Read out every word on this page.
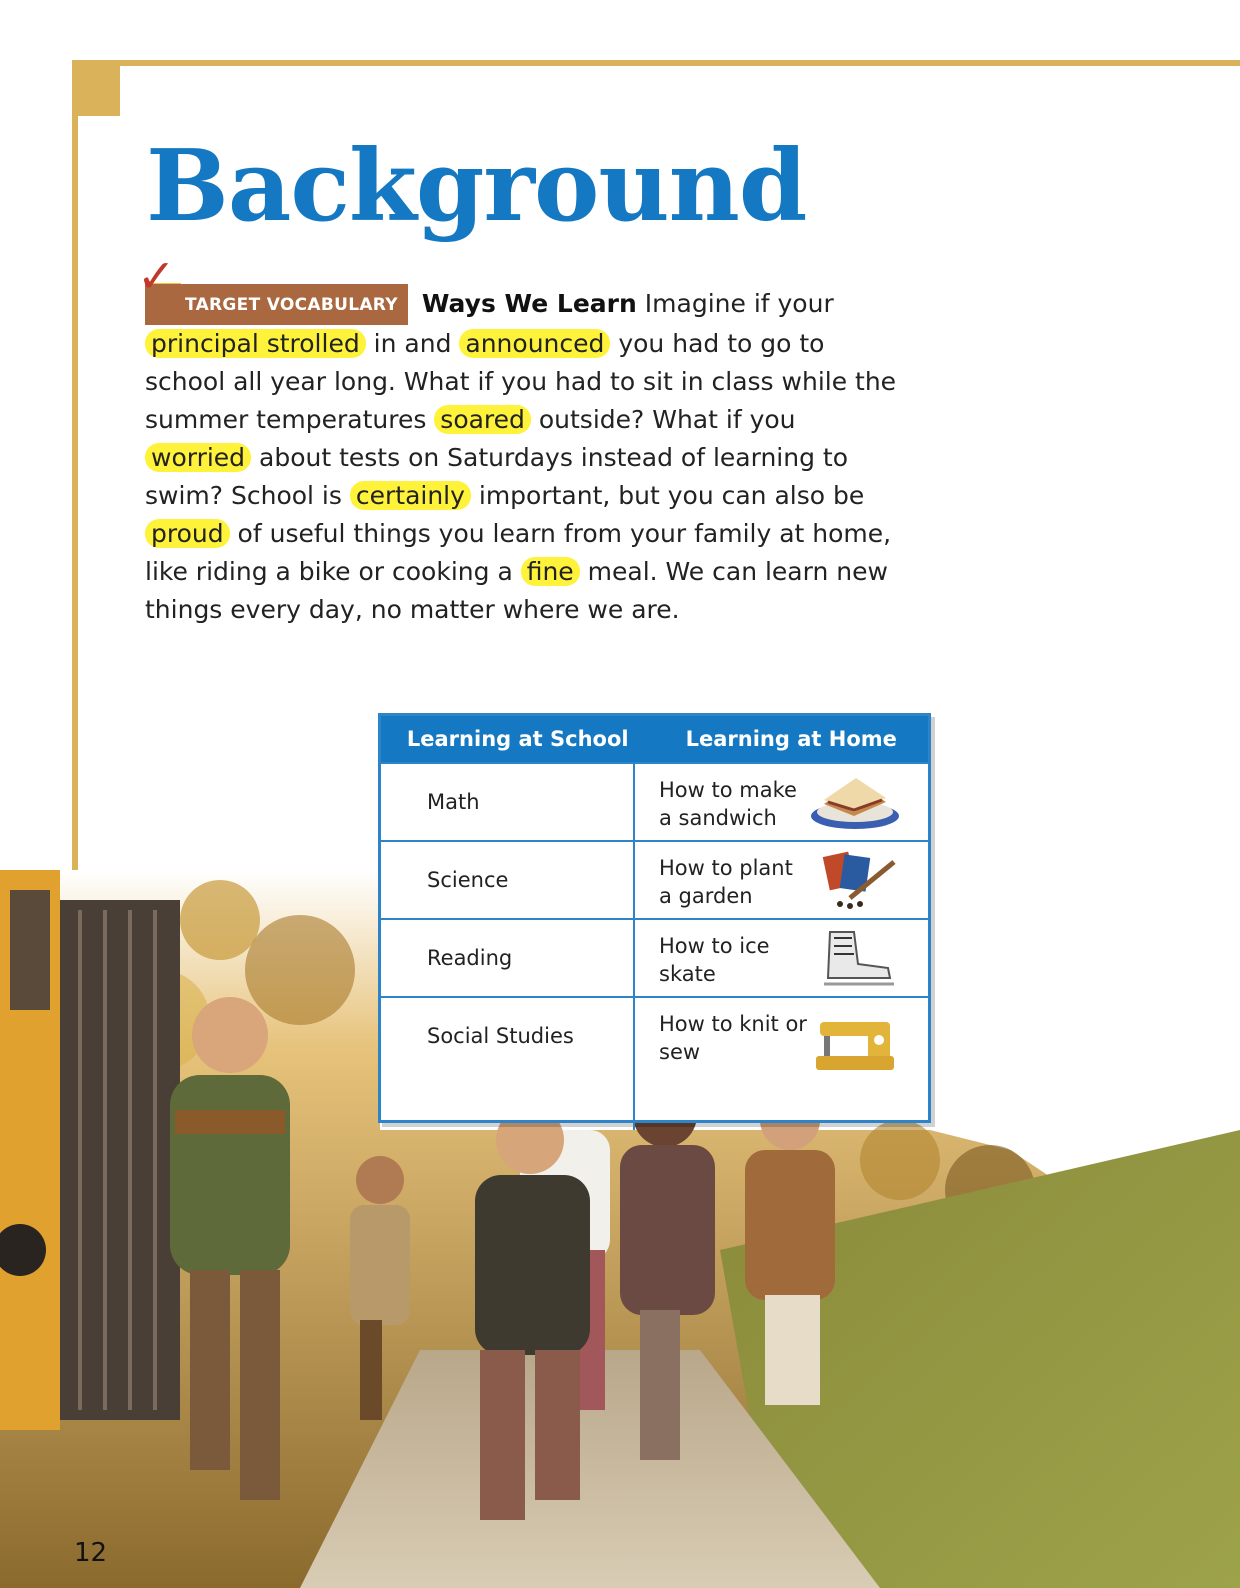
Background
✓
TARGET VOCABULARY Ways We Learn Imagine if your principal strolled in and announced you had to go to school all year long. What if you had to sit in class while the summer temperatures soared outside? What if you worried about tests on Saturdays instead of learning to swim? School is certainly important, but you can also be proud of useful things you learn from your family at home, like riding a bike or cooking a fine meal. We can learn new things every day, no matter where we are.
Learning at School	Learning at Home
Math	How to make a sandwich
Science	How to plant a garden
Reading	How to ice skate
Social Studies	How to knit or sew
12
